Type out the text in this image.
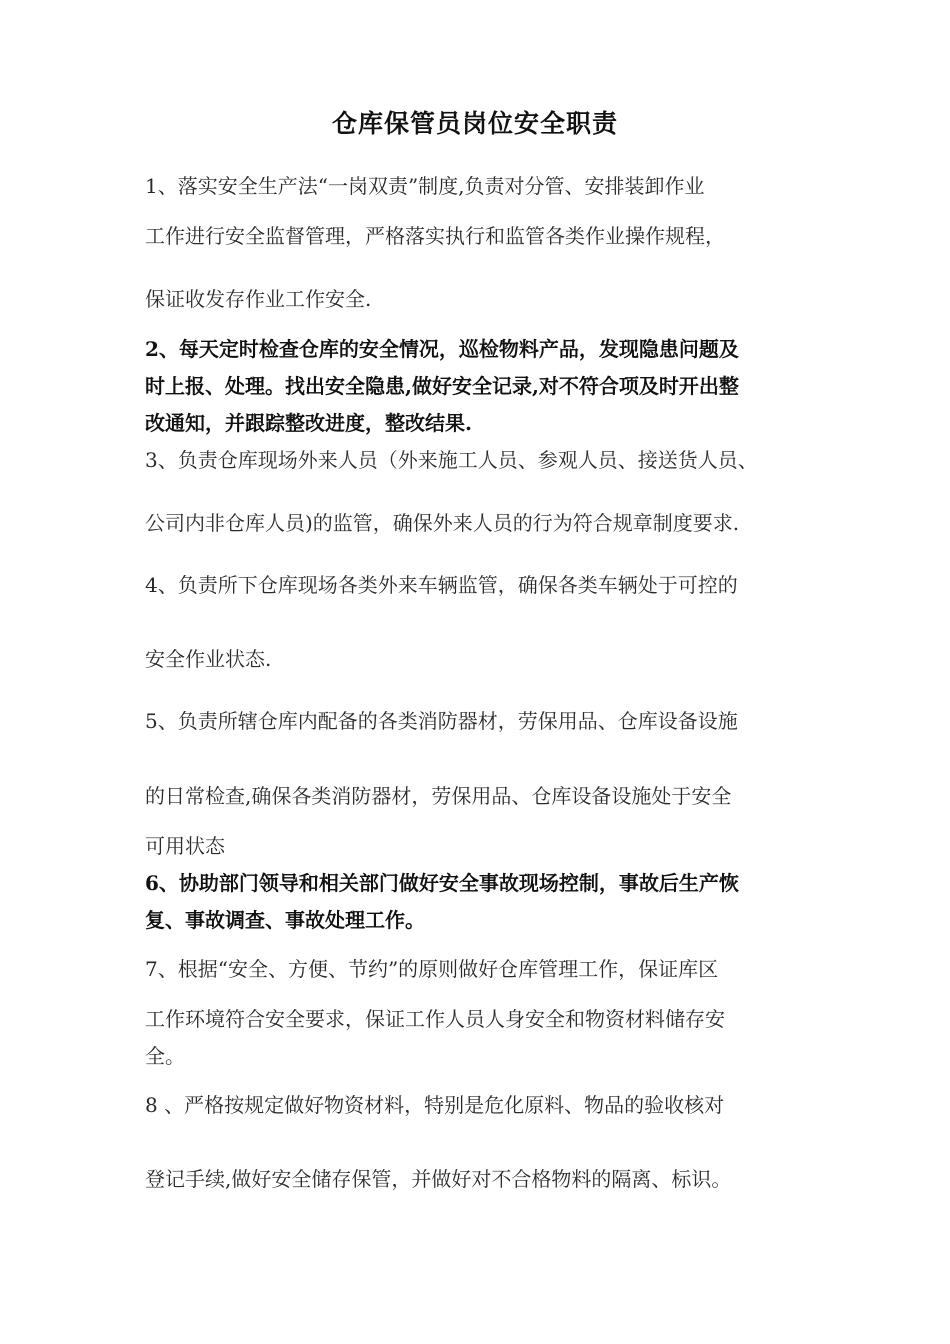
仓库保管员岗位安全职责
1、落实安全生产法“一岗双责”制度,负责对分管、安排装卸作业
工作进行安全监督管理，严格落实执行和监管各类作业操作规程，
保证收发存作业工作安全.
2、每天定时检查仓库的安全情况，巡检物料产品，发现隐患问题及
时上报、处理。找出安全隐患,做好安全记录,对不符合项及时开出整
改通知，并跟踪整改进度，整改结果.
3、负责仓库现场外来人员（外来施工人员、参观人员、接送货人员、
公司内非仓库人员)的监管，确保外来人员的行为符合规章制度要求.
4、负责所下仓库现场各类外来车辆监管，确保各类车辆处于可控的
安全作业状态.
5、负责所辖仓库内配备的各类消防器材，劳保用品、仓库设备设施
的日常检查,确保各类消防器材，劳保用品、仓库设备设施处于安全
可用状态
6、协助部门领导和相关部门做好安全事故现场控制，事故后生产恢
复、事故调查、事故处理工作。
7、根据“安全、方便、节约”的原则做好仓库管理工作，保证库区
工作环境符合安全要求，保证工作人员人身安全和物资材料储存安
全。
8 、严格按规定做好物资材料，特别是危化原料、物品的验收核对
登记手续,做好安全储存保管，并做好对不合格物料的隔离、标识。
